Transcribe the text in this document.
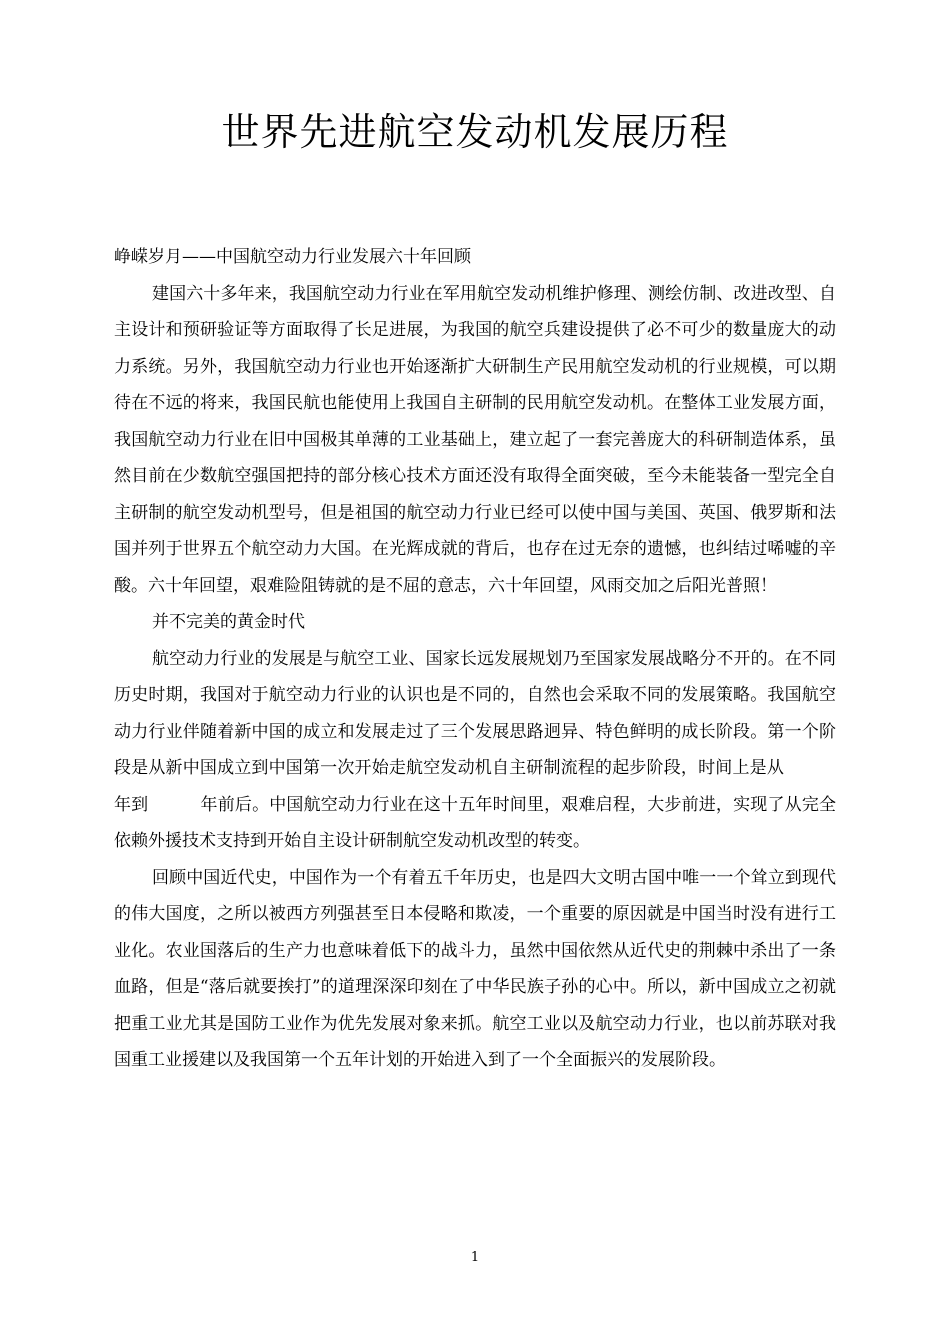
世界先进航空发动机发展历程

峥嵘岁月——中国航空动力行业发展六十年回顾

建国六十多年来，我国航空动力行业在军用航空发动机维护修理、测绘仿制、改进改型、自主设计和预研验证等方面取得了长足进展，为我国的航空兵建设提供了必不可少的数量庞大的动力系统。另外，我国航空动力行业也开始逐渐扩大研制生产民用航空发动机的行业规模，可以期待在不远的将来，我国民航也能使用上我国自主研制的民用航空发动机。在整体工业发展方面，我国航空动力行业在旧中国极其单薄的工业基础上，建立起了一套完善庞大的科研制造体系，虽然目前在少数航空强国把持的部分核心技术方面还没有取得全面突破，至今未能装备一型完全自主研制的航空发动机型号，但是祖国的航空动力行业已经可以使中国与美国、英国、俄罗斯和法国并列于世界五个航空动力大国。在光辉成就的背后，也存在过无奈的遗憾，也纠结过唏嘘的辛酸。六十年回望，艰难险阻铸就的是不屈的意志，六十年回望，风雨交加之后阳光普照！

并不完美的黄金时代

航空动力行业的发展是与航空工业、国家长远发展规划乃至国家发展战略分不开的。在不同历史时期，我国对于航空动力行业的认识也是不同的，自然也会采取不同的发展策略。我国航空动力行业伴随着新中国的成立和发展走过了三个发展思路迥异、特色鲜明的成长阶段。第一个阶段是从新中国成立到中国第一次开始走航空发动机自主研制流程的起步阶段，时间上是从年到	年前后。中国航空动力行业在这十五年时间里，艰难启程，大步前进，实现了从完全依赖外援技术支持到开始自主设计研制航空发动机改型的转变。

回顾中国近代史，中国作为一个有着五千年历史，也是四大文明古国中唯一一个耸立到现代的伟大国度，之所以被西方列强甚至日本侵略和欺凌，一个重要的原因就是中国当时没有进行工业化。农业国落后的生产力也意味着低下的战斗力，虽然中国依然从近代史的荆棘中杀出了一条血路，但是“落后就要挨打”的道理深深印刻在了中华民族子孙的心中。所以，新中国成立之初就把重工业尤其是国防工业作为优先发展对象来抓。航空工业以及航空动力行业，也以前苏联对我国重工业援建以及我国第一个五年计划的开始进入到了一个全面振兴的发展阶段。

1
